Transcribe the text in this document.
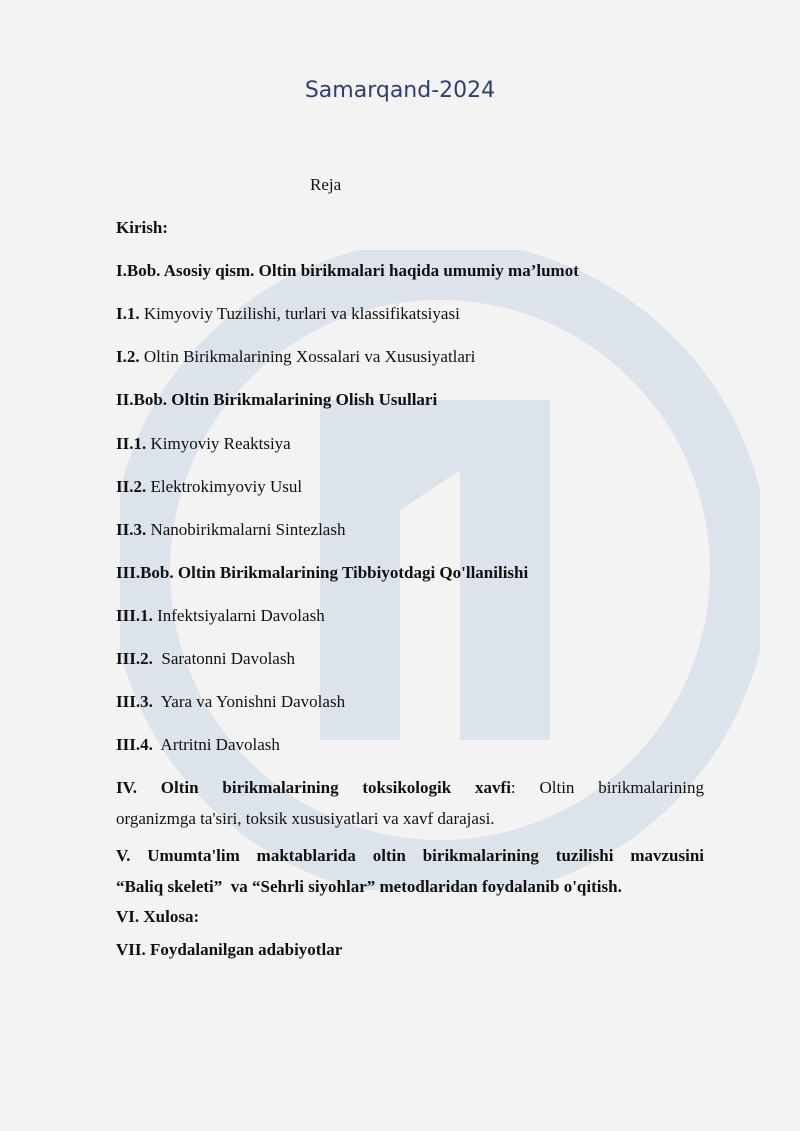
Samarqand-2024
Reja
Kirish:
I.Bob. Asosiy qism. Oltin birikmalari haqida umumiy ma’lumot
I.1. Kimyoviy Tuzilishi, turlari va klassifikatsiyasi
I.2. Oltin Birikmalarining Xossalari va Xususiyatlari
II.Bob. Oltin Birikmalarining Olish Usullari
II.1. Kimyoviy Reaktsiya
II.2. Elektrokimyoviy Usul
II.3. Nanobirikmalarni Sintezlash
III.Bob. Oltin Birikmalarining Tibbiyotdagi Qo'llanilishi
III.1. Infektsiyalarni Davolash
III.2.  Saratonni Davolash
III.3.  Yara va Yonishni Davolash
III.4.  Artritni Davolash
IV. Oltin birikmalarining toksikologik xavfi: Oltin birikmalarining
organizmga ta'siri, toksik xususiyatlari va xavf darajasi.
V. Umumta'lim maktablarida oltin birikmalarining tuzilishi mavzusini
“Baliq skeleti”  va “Sehrli siyohlar” metodlaridan foydalanib o'qitish.
VI. Xulosa:
VII. Foydalanilgan adabiyotlar
